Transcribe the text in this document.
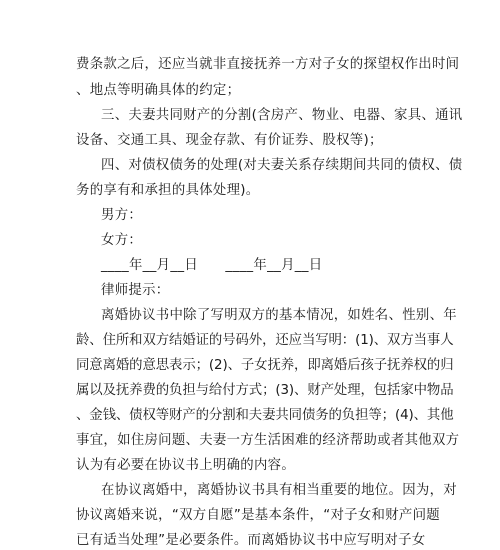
费条款之后，还应当就非直接抚养一方对子女的探望权作出时间
、地点等明确具体的约定；
三、夫妻共同财产的分割(含房产、物业、电器、家具、通讯
设备、交通工具、现金存款、有价证券、股权等)；
四、对债权债务的处理(对夫妻关系存续期间共同的债权、债
务的享有和承担的具体处理)。
男方：
女方：
____年__月__日　　____年__月__日
律师提示：
离婚协议书中除了写明双方的基本情况，如姓名、性别、年
龄、住所和双方结婚证的号码外，还应当写明：(1)、双方当事人
同意离婚的意思表示；(2)、子女抚养，即离婚后孩子抚养权的归
属以及抚养费的负担与给付方式；(3)、财产处理，包括家中物品
、金钱、债权等财产的分割和夫妻共同债务的负担等；(4)、其他
事宜，如住房问题、夫妻一方生活困难的经济帮助或者其他双方
认为有必要在协议书上明确的内容。
在协议离婚中，离婚协议书具有相当重要的地位。因为，对
协议离婚来说，“双方自愿”是基本条件，“对子女和财产问题
已有适当处理”是必要条件。而离婚协议书中应写明对子女
